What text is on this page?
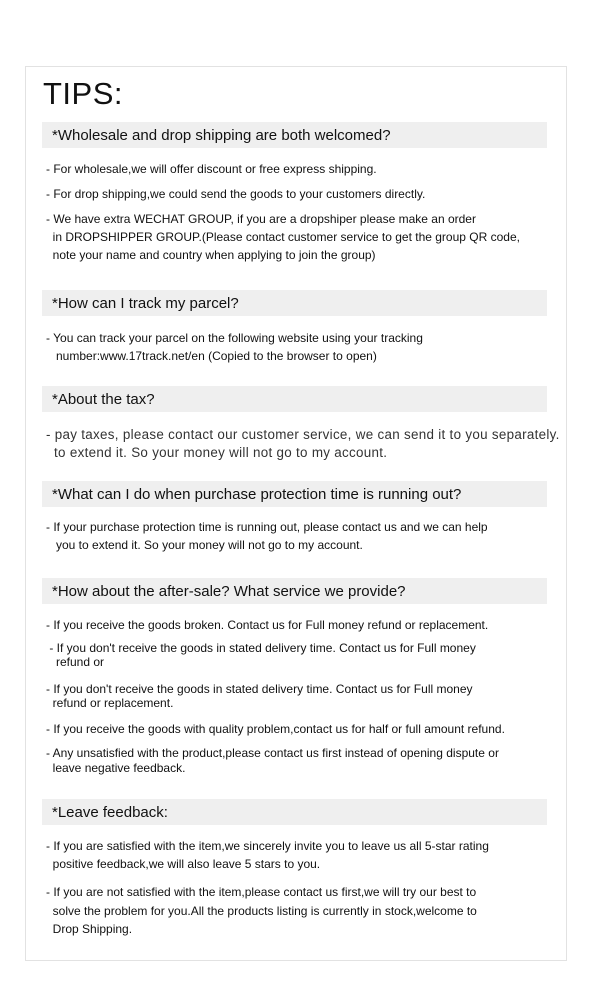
TIPS:
*Wholesale and drop shipping are both welcomed?
- For wholesale,we will offer discount or free express shipping.
- For drop shipping,we could send the goods to your customers directly.
- We have extra WECHAT GROUP, if you are a dropshiper please make an order
in DROPSHIPPER GROUP.(Please contact customer service to get the group QR code,
note your name and country when applying to join the group)
*How can I track my parcel?
- You can track your parcel on the following website using your tracking
number:www.17track.net/en (Copied to the browser to open)
*About the tax?
- pay taxes, please contact our customer service, we can send it to you separately.
to extend it. So your money will not go to my account.
*What can I do when purchase protection time is running out?
- If your purchase protection time is running out, please contact us and we can help
you to extend it. So your money will not go to my account.
*How about the after-sale? What service we provide?
- If you receive the goods broken. Contact us for Full money refund or replacement.
- If you don't receive the goods in stated delivery time. Contact us for Full money
refund or
- If you don't receive the goods in stated delivery time. Contact us for Full money
refund or replacement.
- If you receive the goods with quality problem,contact us for half or full amount refund.
- Any unsatisfied with the product,please contact us first instead of opening dispute or
leave negative feedback.
*Leave feedback:
- If you are satisfied with the item,we sincerely invite you to leave us all 5-star rating
positive feedback,we will also leave 5 stars to you.
- If you are not satisfied with the item,please contact us first,we will try our best to
solve the problem for you.All the products listing is currently in stock,welcome to
Drop Shipping.
